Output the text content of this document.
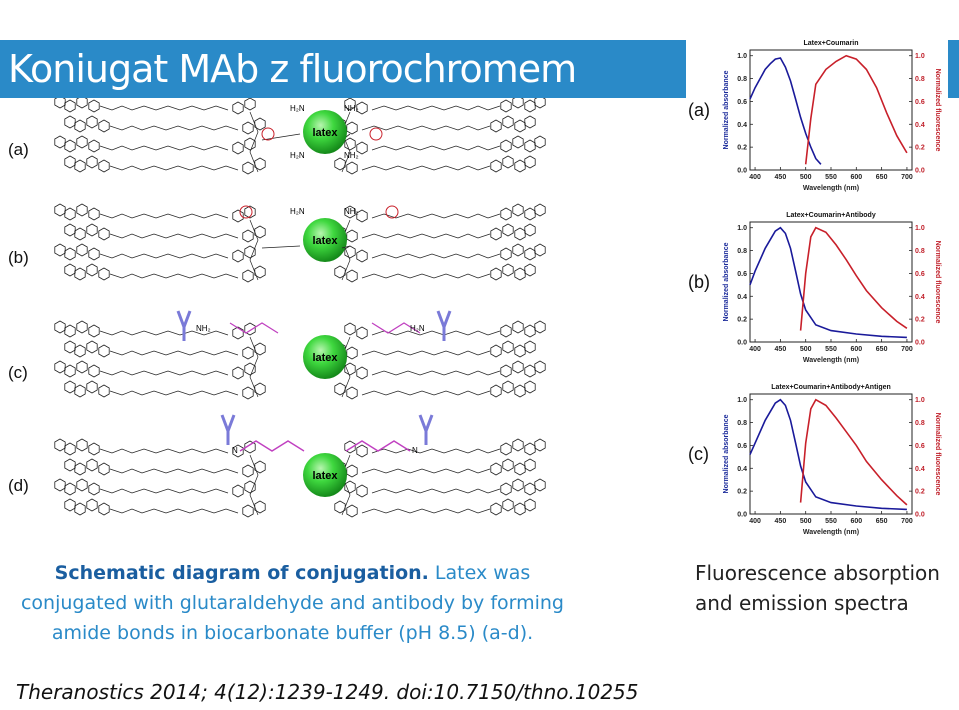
Koniugat MAb z fluorochromem
(a)
(b)
(c)
(d)
latex
H₂N	NH₂
H₂N	NH₂
latex
H₂N	NH₂
latex
NH₂	H₂N
latex
N	N
(a)
Latex+Coumarin
400 450 500 550 600 650 700
0.0	0.0
0.2	0.2
0.4	0.4
0.6	0.6
0.8	0.8
1.0	1.0
Wavelength (nm)
Normalized absorbance	Normalized fluorescence
(b)
Latex+Coumarin+Antibody
400 450 500 550 600 650 700
0.0	0.0
0.2	0.2
0.4	0.4
0.6	0.6
0.8	0.8
1.0	1.0
Wavelength (nm)
Normalized absorbance	Normalized fluorescence
(c)
Latex+Coumarin+Antibody+Antigen
400 450 500 550 600 650 700
0.0	0.0
0.2	0.2
0.4	0.4
0.6	0.6
0.8	0.8
1.0	1.0
Wavelength (nm)
Normalized absorbance	Normalized fluorescence
Schematic diagram of conjugation. Latex was conjugated with glutaraldehyde and antibody by forming amide bonds in biocarbonate buffer (pH 8.5) (a-d).
Theranostics 2014; 4(12):1239-1249. doi:10.7150/thno.10255
Fluorescence absorption and emission spectra
